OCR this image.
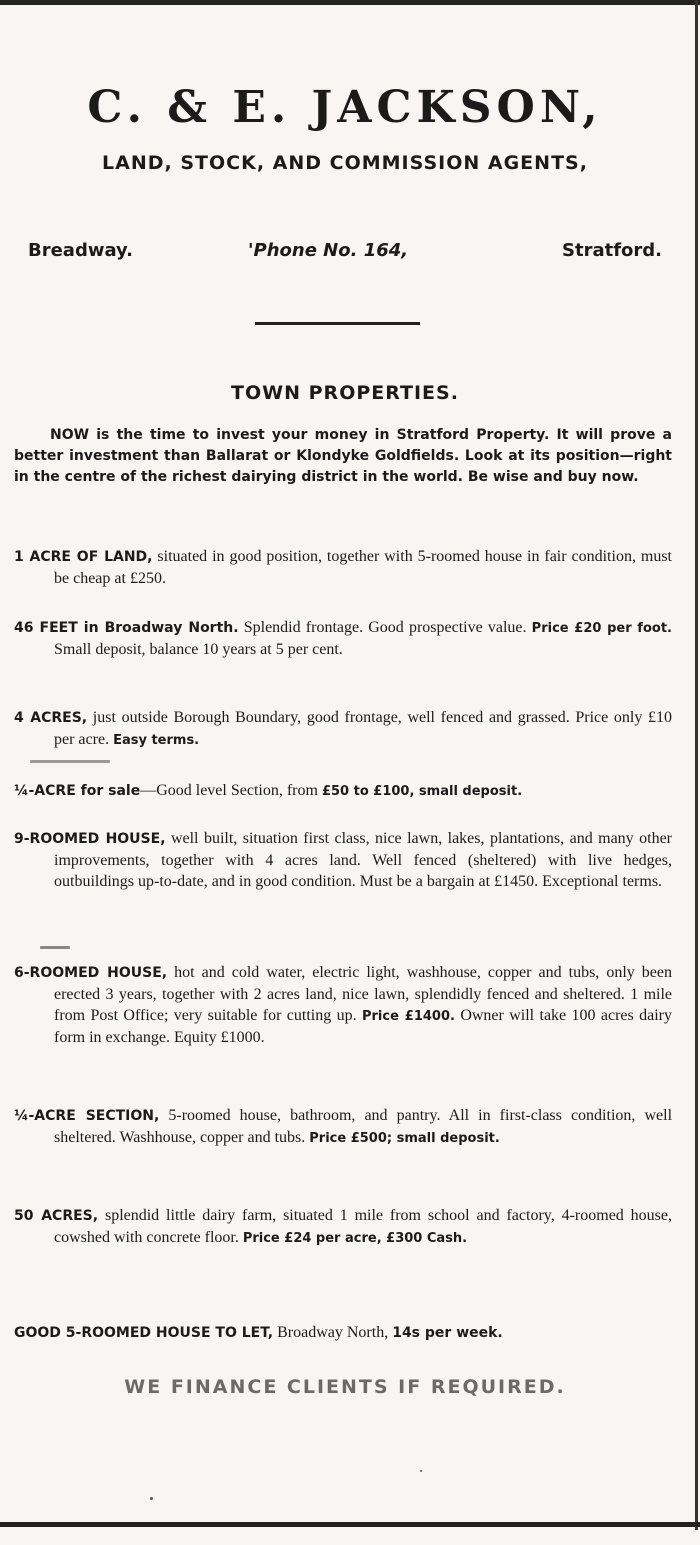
C. & E. JACKSON,
LAND, STOCK, AND COMMISSION AGENTS,
Breadway.	'Phone No. 164,	Stratford.
TOWN PROPERTIES.
NOW is the time to invest your money in Stratford Property. It will prove a better investment than Ballarat or Klondyke Goldfields. Look at its position—right in the centre of the richest dairying district in the world. Be wise and buy now.
1 ACRE OF LAND, situated in good position, together with 5-roomed house in fair condition, must be cheap at £250.
46 FEET in Broadway North. Splendid frontage. Good prospective value. Price £20 per foot. Small deposit, balance 10 years at 5 per cent.
4 ACRES, just outside Borough Boundary, good frontage, well fenced and grassed. Price only £10 per acre. Easy terms.
¼-ACRE for sale—Good level Section, from £50 to £100, small deposit.
9-ROOMED HOUSE, well built, situation first class, nice lawn, lakes, plantations, and many other improvements, together with 4 acres land. Well fenced (sheltered) with live hedges, outbuildings up-to-date, and in good condition. Must be a bargain at £1450. Exceptional terms.
6-ROOMED HOUSE, hot and cold water, electric light, washhouse, copper and tubs, only been erected 3 years, together with 2 acres land, nice lawn, splendidly fenced and sheltered. 1 mile from Post Office; very suitable for cutting up. Price £1400. Owner will take 100 acres dairy form in exchange. Equity £1000.
¼-ACRE SECTION, 5-roomed house, bathroom, and pantry. All in first-class condition, well sheltered. Washhouse, copper and tubs. Price £500; small deposit.
50 ACRES, splendid little dairy farm, situated 1 mile from school and factory, 4-roomed house, cowshed with concrete floor. Price £24 per acre, £300 Cash.
GOOD 5-ROOMED HOUSE TO LET, Broadway North, 14s per week.
WE FINANCE CLIENTS IF REQUIRED.
